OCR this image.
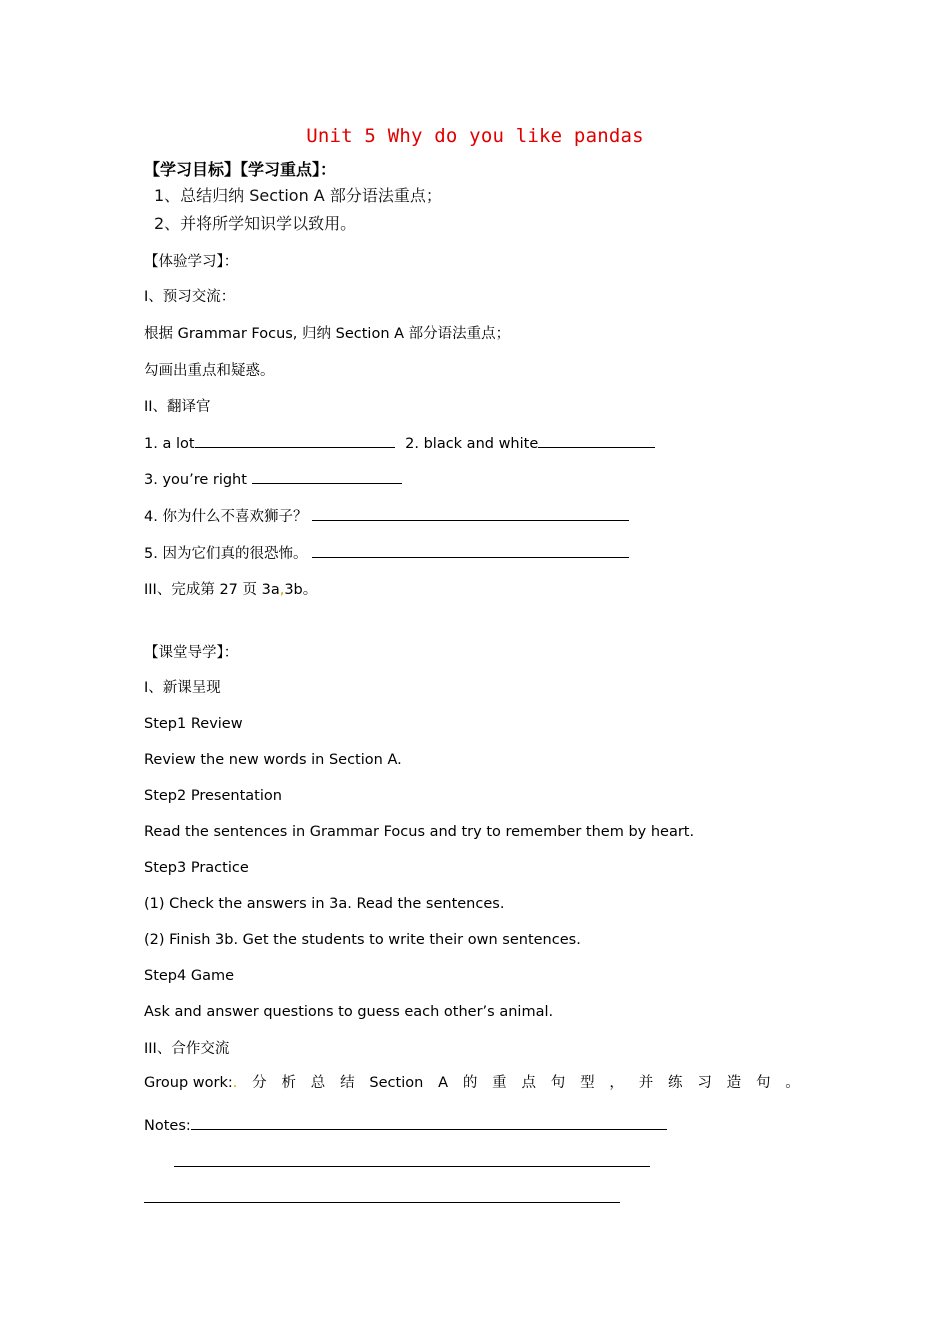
Unit 5 Why do you like pandas
【学习目标】【学习重点】：
1、总结归纳 Section A 部分语法重点；
2、并将所学知识学以致用。
【体验学习】：
I、预习交流：
根据 Grammar Focus, 归纳 Section A 部分语法重点；
勾画出重点和疑惑。
II、翻译官
1. a lot	2. black and white
3. you’re right
4. 你为什么不喜欢狮子？
5. 因为它们真的很恐怖。
III、完成第 27 页 3a,3b。
【课堂导学】：
I、新课呈现
Step1 Review
Review the new words in Section A.
Step2 Presentation
Read the sentences in Grammar Focus and try to remember them by heart.
Step3 Practice
(1) Check the answers in 3a. Read the sentences.
(2) Finish 3b. Get the students to write their own sentences.
Step4 Game
Ask and answer questions to guess each other’s animal.
III、合作交流
Group work:. 分 析 总 结 Section A 的 重 点 句 型 ， 并 练 习 造 句 。
Notes:
